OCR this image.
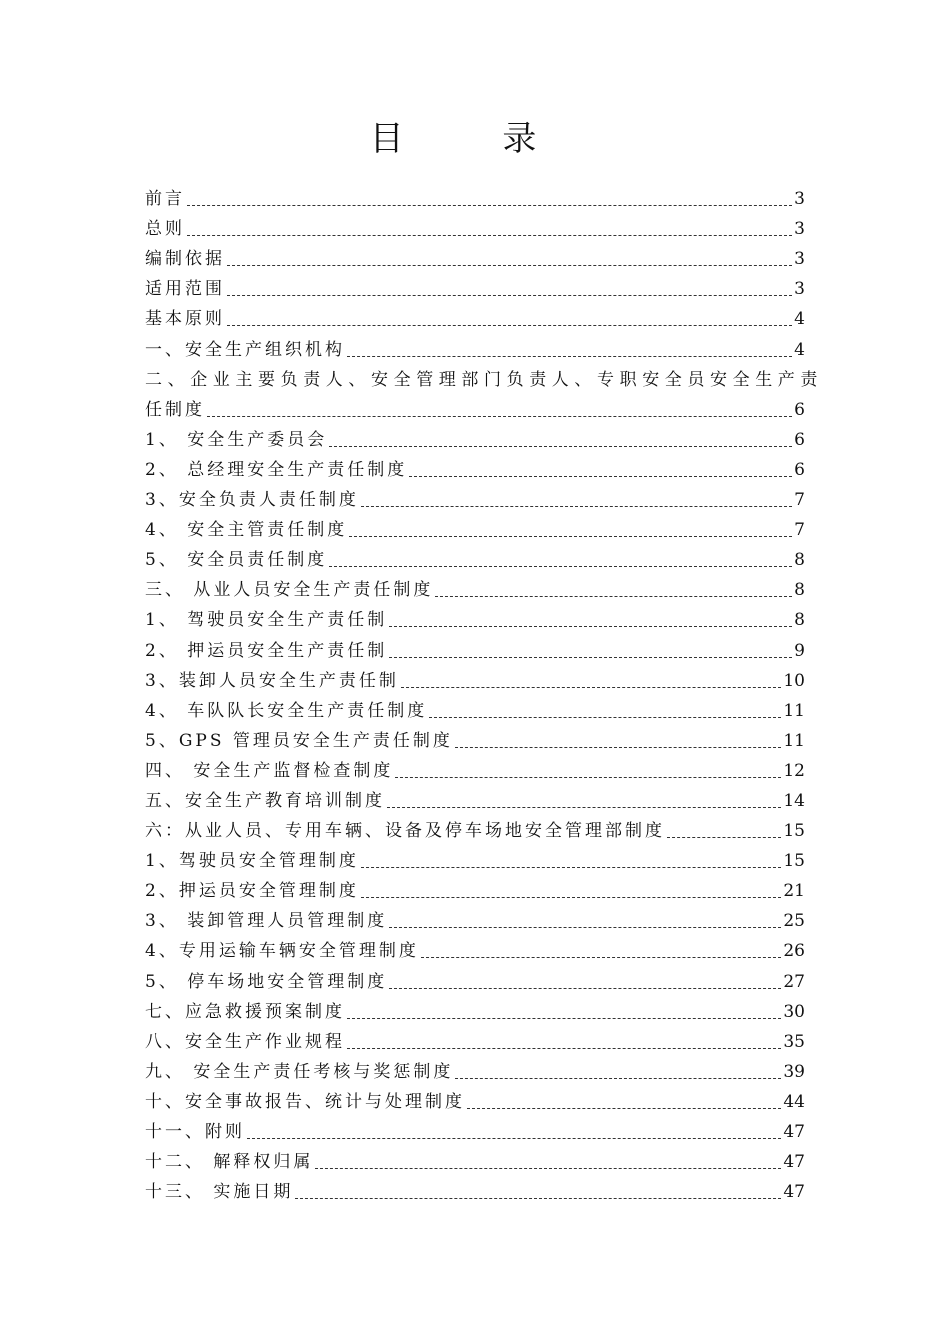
目 录
前言	3
总则	3
编制依据	3
适用范围	3
基本原则	4
一、安全生产组织机构	4
二、企业主要负责人、安全管理部门负责人、专职安全员安全生产责
任制度	6
1、 安全生产委员会	6
2、 总经理安全生产责任制度	6
3、安全负责人责任制度	7
4、 安全主管责任制度	7
5、 安全员责任制度	8
三、 从业人员安全生产责任制度	8
1、 驾驶员安全生产责任制	8
2、 押运员安全生产责任制	9
3、装卸人员安全生产责任制	10
4、 车队队长安全生产责任制度	11
5、GPS 管理员安全生产责任制度	11
四、 安全生产监督检查制度	12
五、安全生产教育培训制度	14
六：从业人员、专用车辆、设备及停车场地安全管理部制度	15
1、驾驶员安全管理制度	15
2、押运员安全管理制度	21
3、 装卸管理人员管理制度	25
4、专用运输车辆安全管理制度	26
5、 停车场地安全管理制度	27
七、应急救援预案制度	30
八、安全生产作业规程	35
九、 安全生产责任考核与奖惩制度	39
十、安全事故报告、统计与处理制度	44
十一、附则	47
十二、 解释权归属	47
十三、 实施日期	47
